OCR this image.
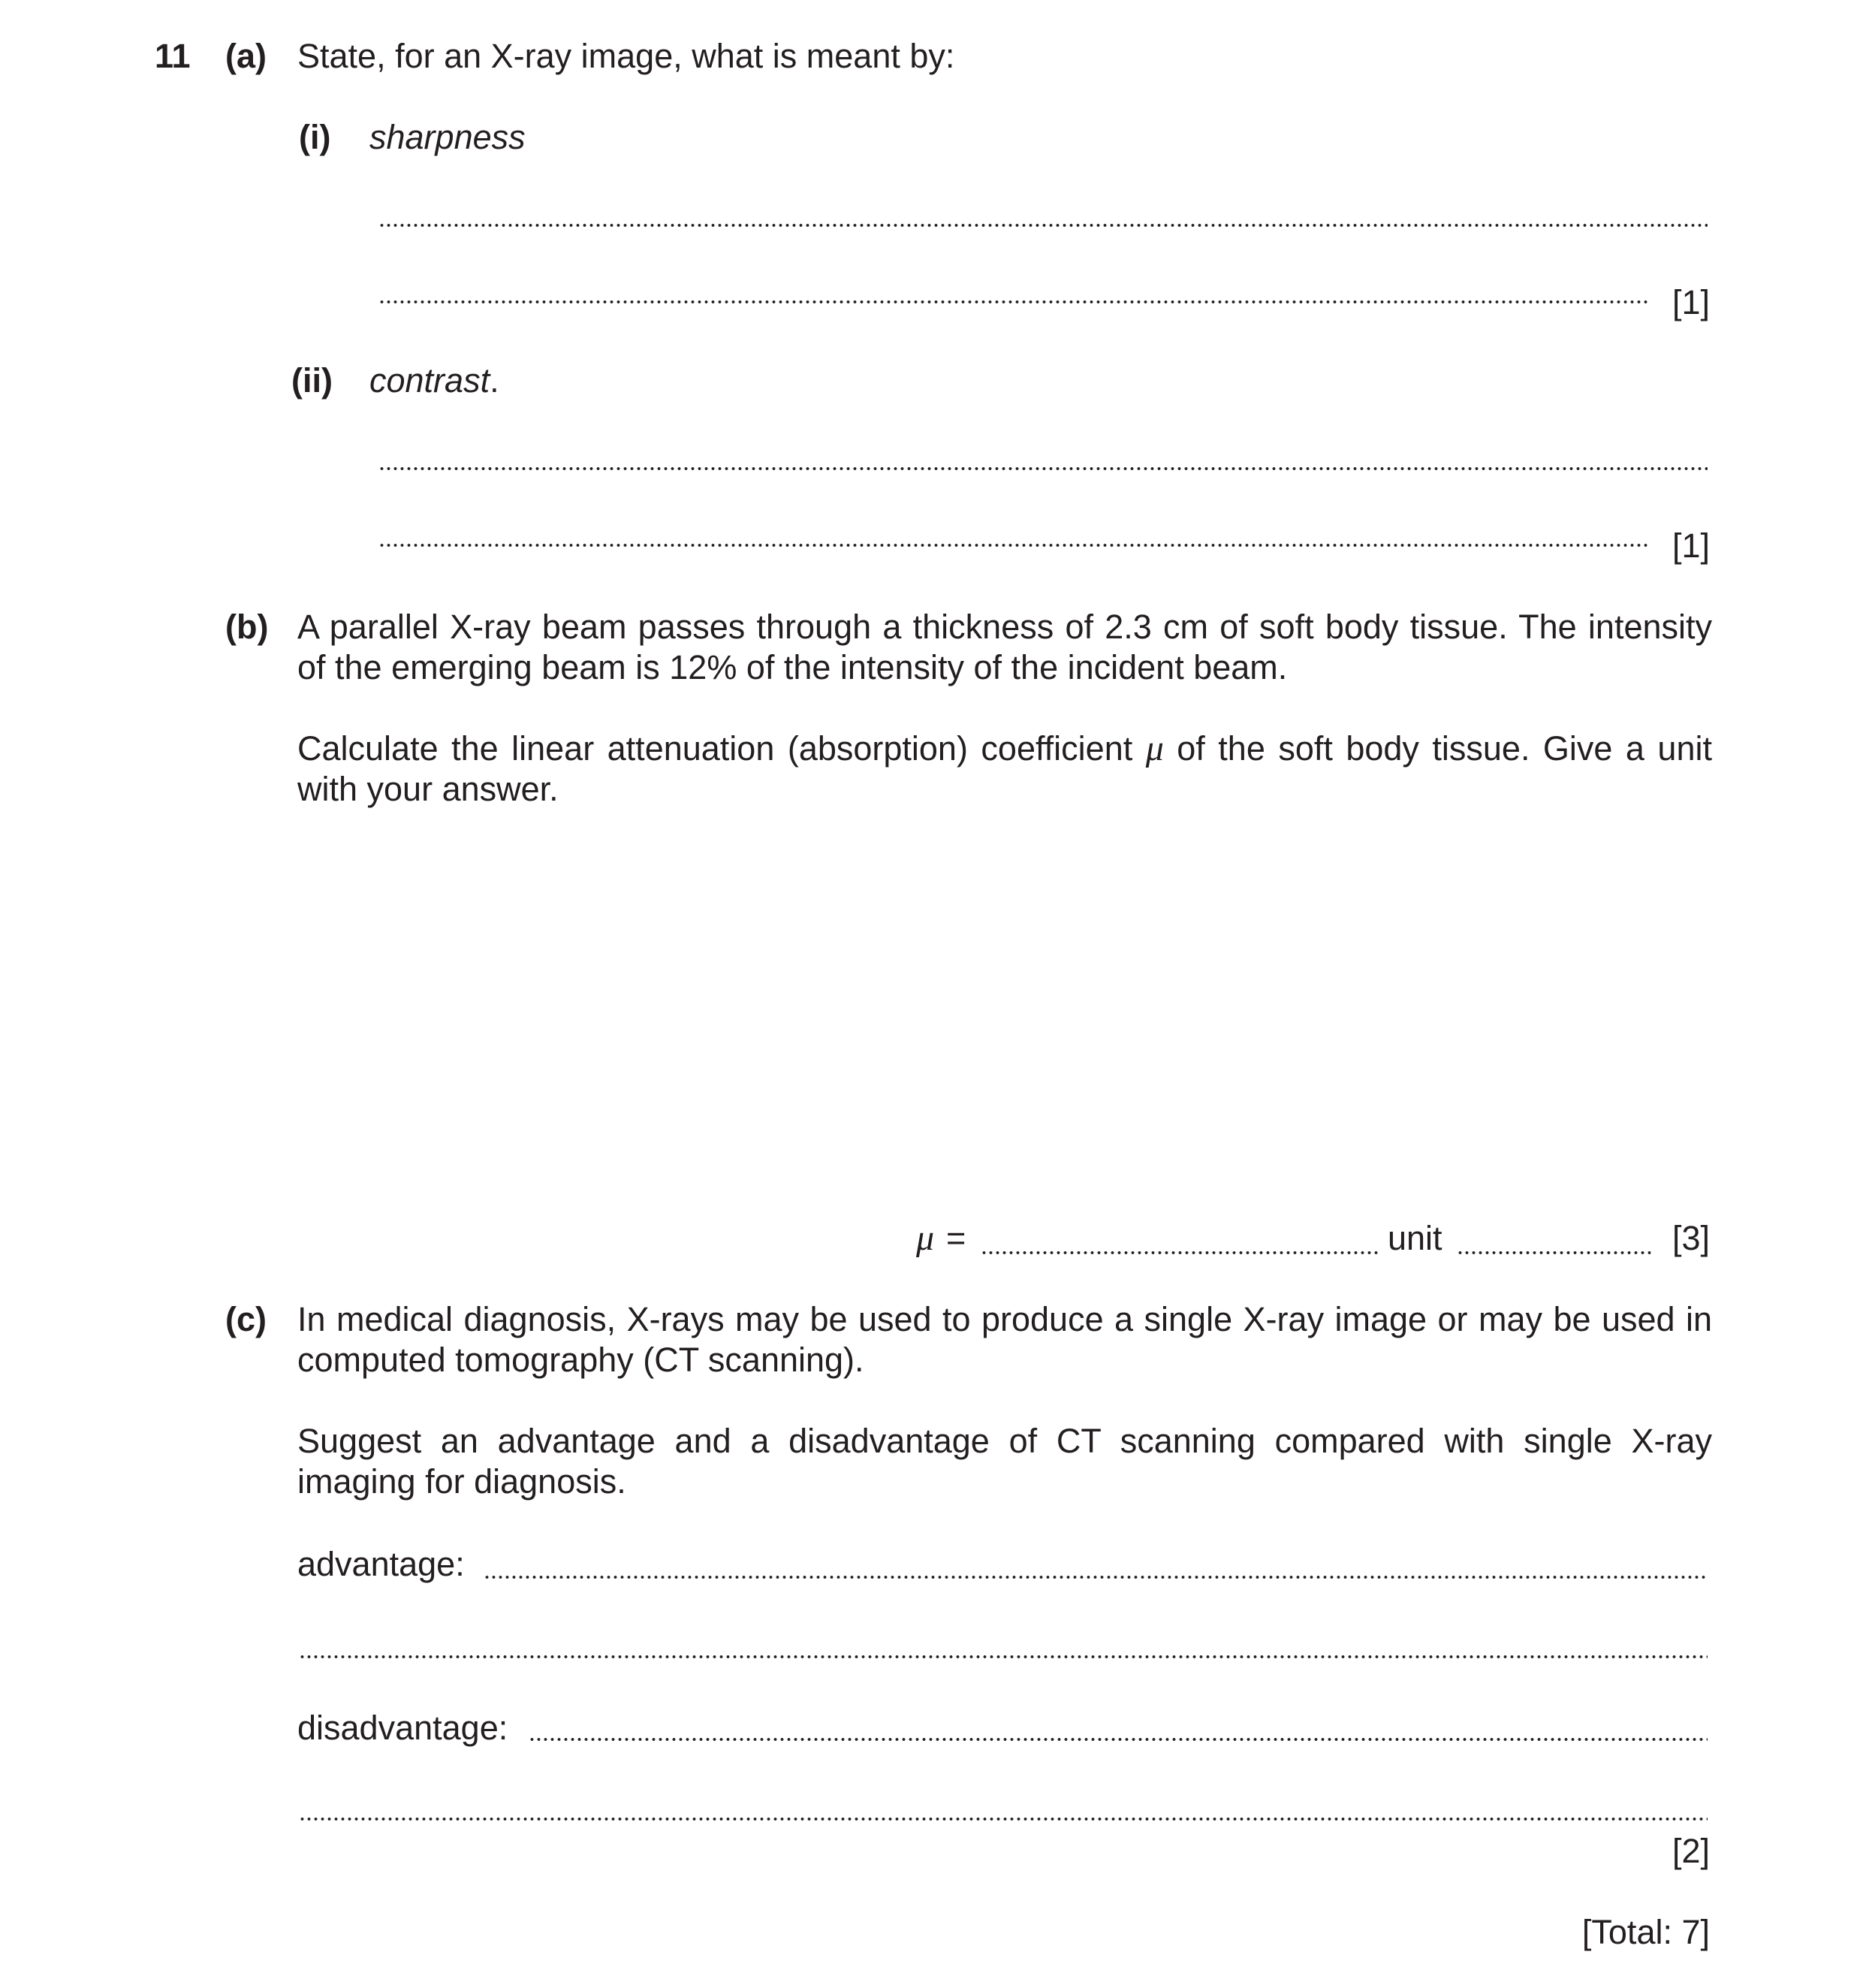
11 (a) State, for an X-ray image, what is meant by:
(i) sharpness
[1]
(ii) contrast.
[1]
(b) A parallel X-ray beam passes through a thickness of 2.3 cm of soft body tissue. The intensity of the emerging beam is 12% of the intensity of the incident beam.
Calculate the linear attenuation (absorption) coefficient μ of the soft body tissue. Give a unit with your answer.
μ =	unit	[3]
(c) In medical diagnosis, X-rays may be used to produce a single X-ray image or may be used in computed tomography (CT scanning).
Suggest an advantage and a disadvantage of CT scanning compared with single X-ray imaging for diagnosis.
advantage:
disadvantage:
[2]
[Total: 7]
